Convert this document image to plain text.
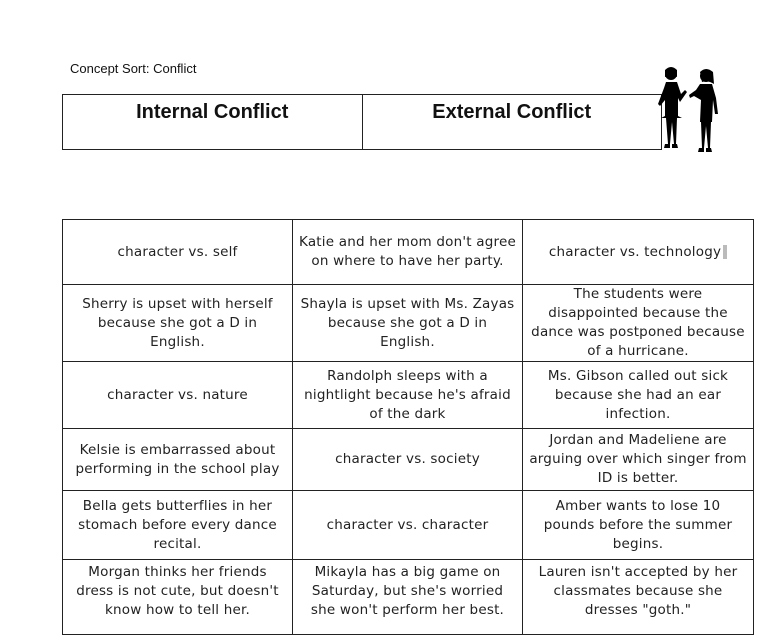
Concept Sort: Conflict
Internal Conflict	External Conflict
character vs. self	Katie and her mom don't agree on where to have her party.	character vs. technology
Sherry is upset with herself because she got a D in English.	Shayla is upset with Ms. Zayas because she got a D in English.	The students were disappointed because the dance was postponed because of a hurricane.
character vs. nature	Randolph sleeps with a nightlight because he's afraid of the dark	Ms. Gibson called out sick because she had an ear infection.
Kelsie is embarrassed about performing in the school play	character vs. society	Jordan and Madeliene are arguing over which singer from ID is better.
Bella gets butterflies in her stomach before every dance recital.	character vs. character	Amber wants to lose 10 pounds before the summer begins.
Morgan thinks her friends dress is not cute, but doesn't know how to tell her.	Mikayla has a big game on Saturday, but she's worried she won't perform her best.	Lauren isn't accepted by her classmates because she dresses "goth."
